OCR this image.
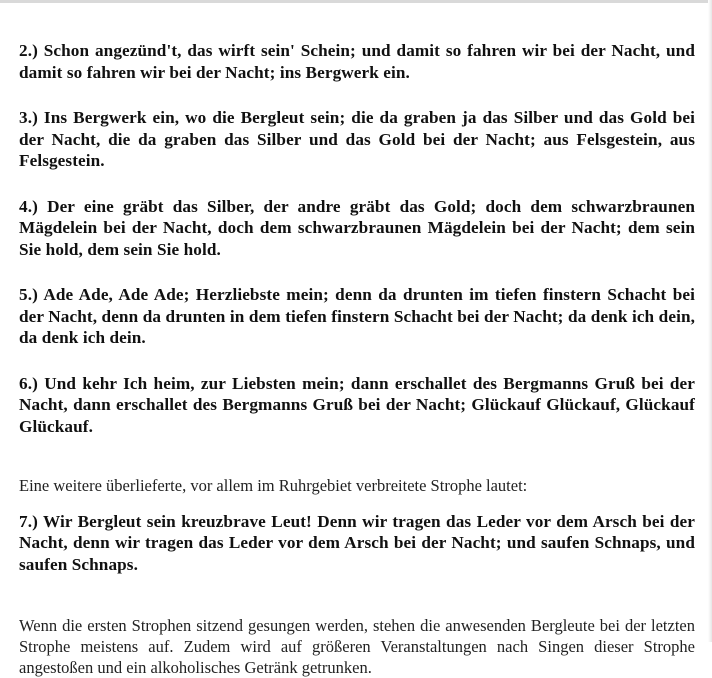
2.) Schon angezünd't, das wirft sein' Schein; und damit so fahren wir bei der Nacht, und damit so fahren wir bei der Nacht; ins Bergwerk ein.

3.) Ins Bergwerk ein, wo die Bergleut sein; die da graben ja das Silber und das Gold bei der Nacht, die da graben das Silber und das Gold bei der Nacht; aus Felsgestein, aus Felsgestein.

4.) Der eine gräbt das Silber, der andre gräbt das Gold; doch dem schwarzbraunen Mägdelein bei der Nacht, doch dem schwarzbraunen Mägdelein bei der Nacht; dem sein Sie hold, dem sein Sie hold.

5.) Ade Ade, Ade Ade; Herzliebste mein; denn da drunten im tiefen finstern Schacht bei der Nacht, denn da drunten in dem tiefen finstern Schacht bei der Nacht; da denk ich dein, da denk ich dein.

6.) Und kehr Ich heim, zur Liebsten mein; dann erschallet des Bergmanns Gruß bei der Nacht, dann erschallet des Bergmanns Gruß bei der Nacht; Glückauf Glückauf, Glückauf Glückauf.

Eine weitere überlieferte, vor allem im Ruhrgebiet verbreitete Strophe lautet:

7.) Wir Bergleut sein kreuzbrave Leut! Denn wir tragen das Leder vor dem Arsch bei der Nacht, denn wir tragen das Leder vor dem Arsch bei der Nacht; und saufen Schnaps, und saufen Schnaps.

Wenn die ersten Strophen sitzend gesungen werden, stehen die anwesenden Bergleute bei der letzten Strophe meistens auf. Zudem wird auf größeren Veranstaltungen nach Singen dieser Strophe angestoßen und ein alkoholisches Getränk getrunken.
